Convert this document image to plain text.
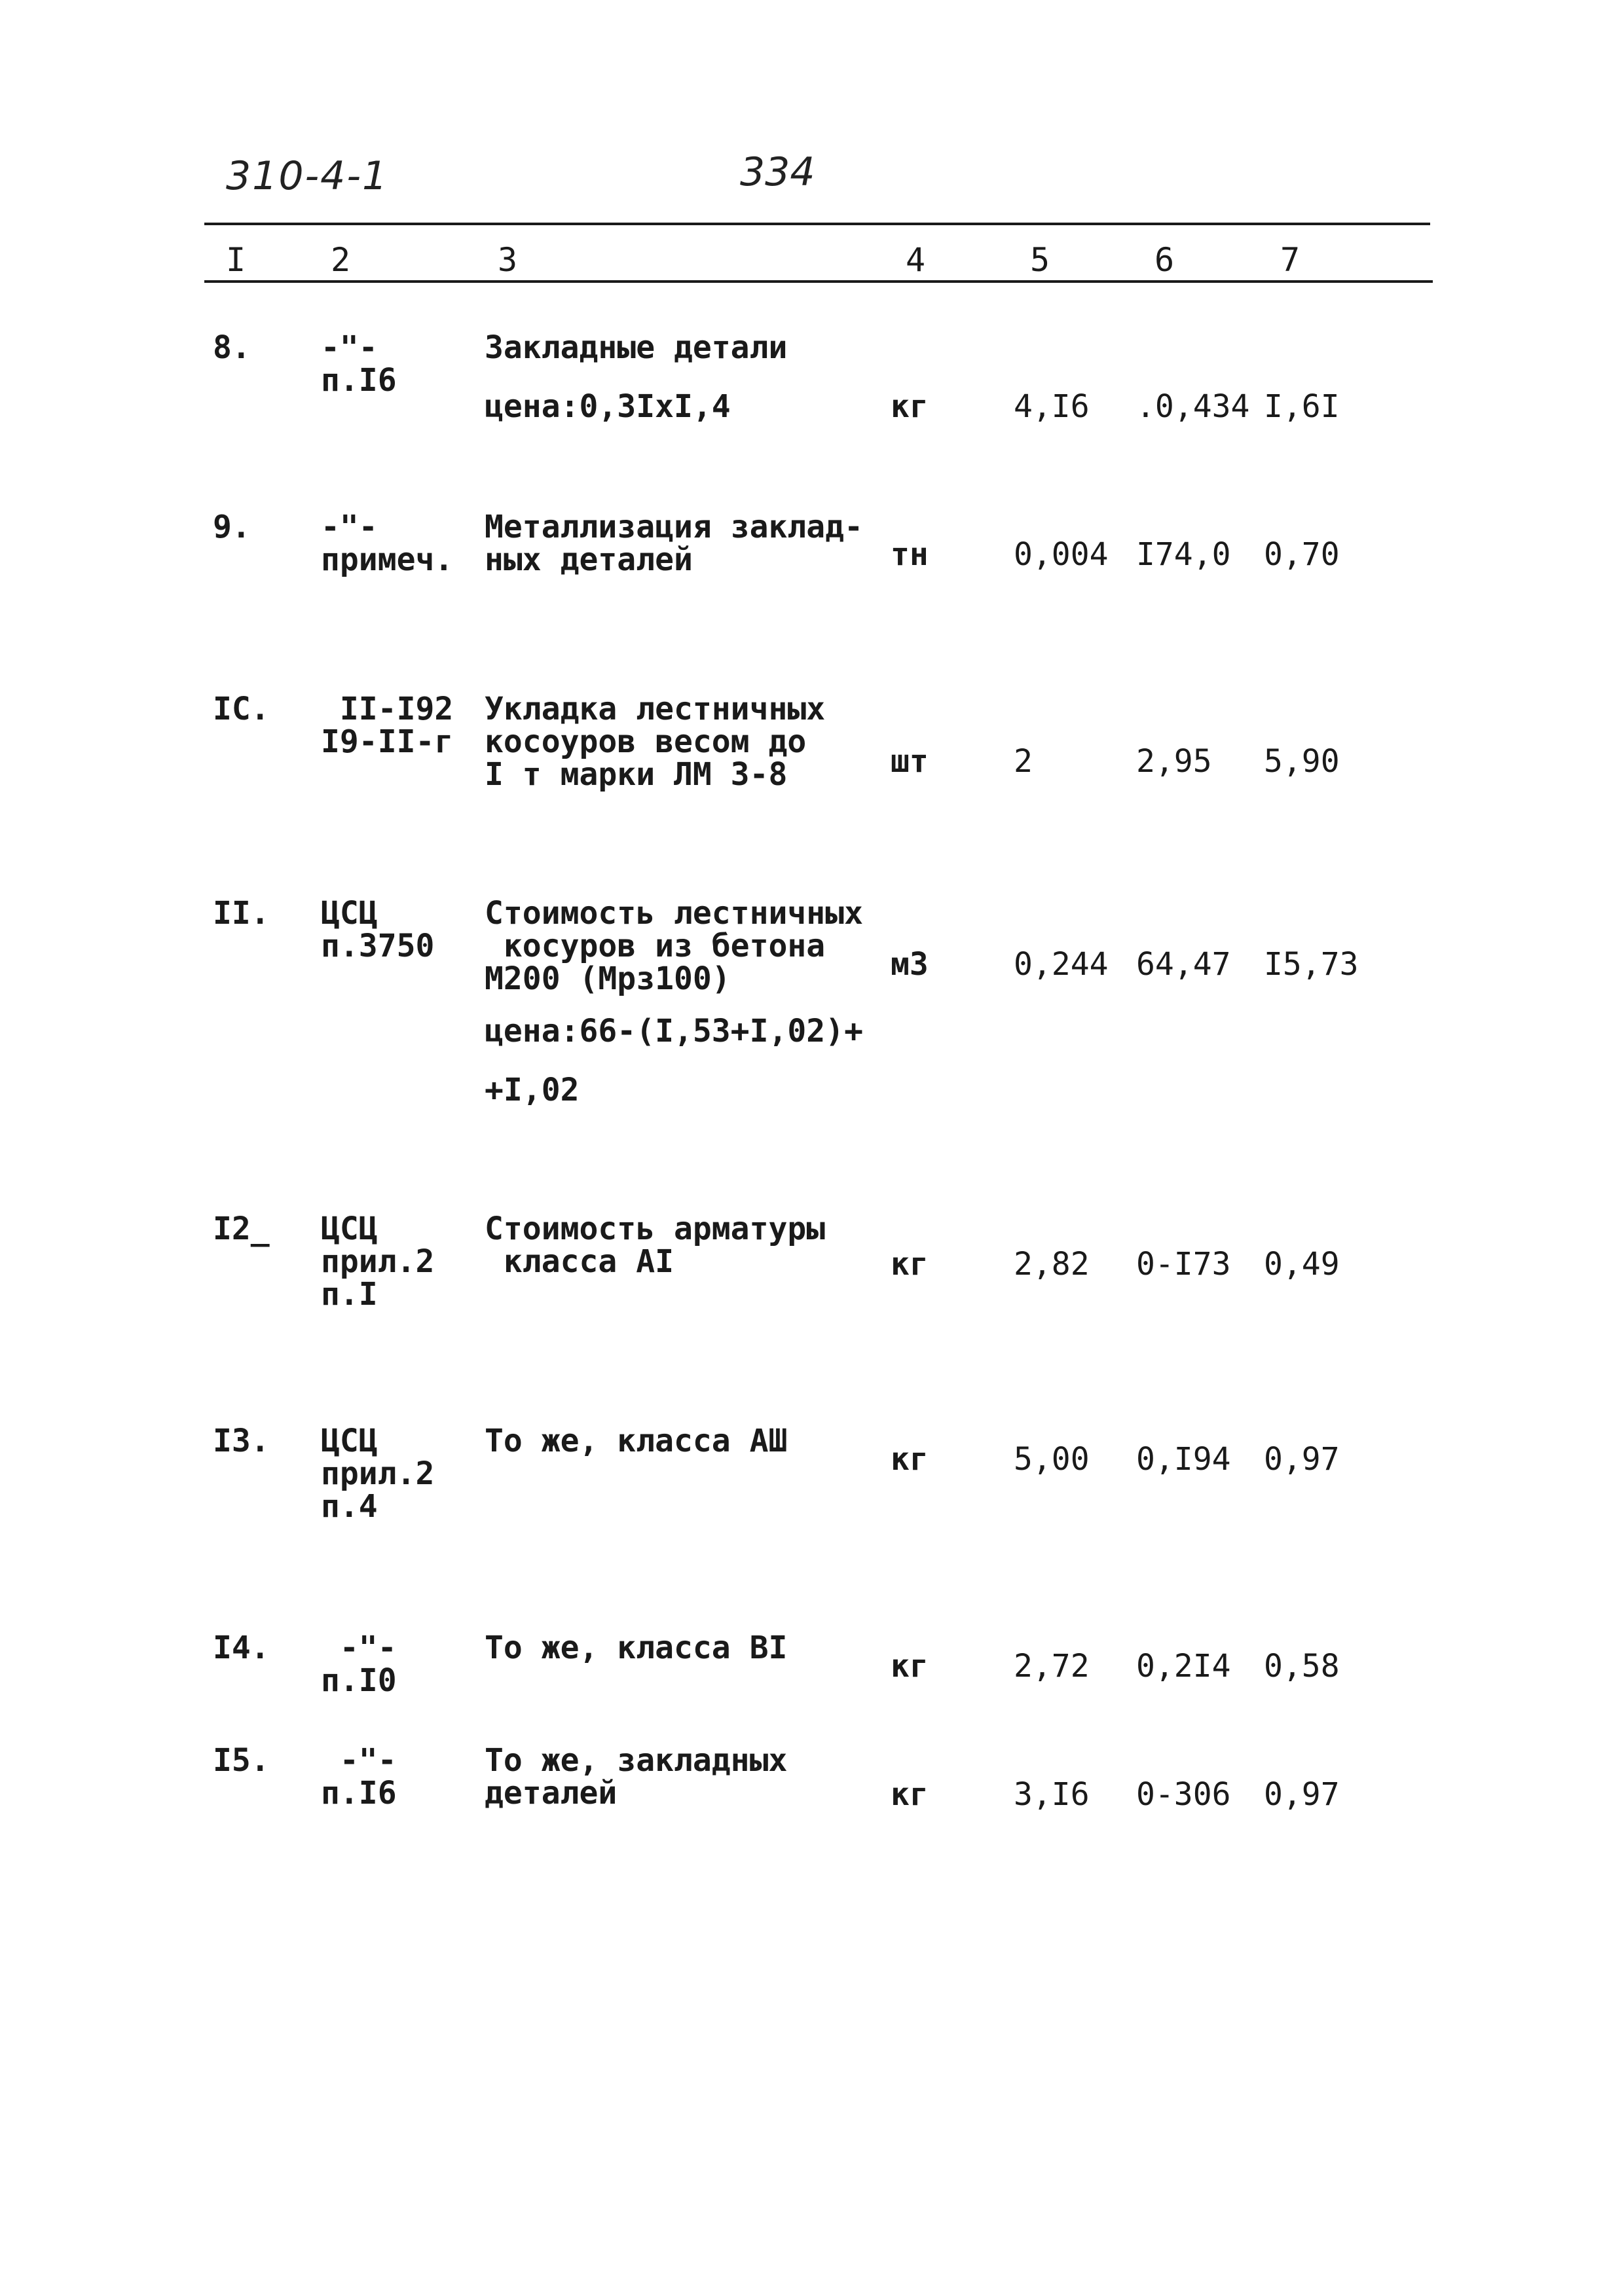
310-4-1	334
I	2	3	4	5	6	7
8. -"-
п.I6
Закладные детали
цена:0,3IxI,4	кг	4,I6 .0,434 I,6I
9. -"-
примеч.
Металлизация заклад-
ных деталей	тн	0,004 I74,0 0,70
IC. II-I92
I9-II-г
Укладка лестничных
косоуров весом до
I т марки ЛМ 3-8	шт	2	2,95 5,90
II. ЦСЦ
п.3750
Стоимость лестничных
косуров из бетона
М200 (Мрз100)
цена:66-(I,53+I,02)+
+I,02
м3	0,244 64,47 I5,73
I2_ ЦСЦ
прил.2
п.I
Стоимость арматуры
класса AI	кг	2,82 0-I73 0,49
I3. ЦСЦ
прил.2
п.4
То же, класса АШ	кг	5,00 0,I94 0,97
I4. -"-
п.I0
То же, класса BI	кг	2,72 0,2I4 0,58
I5. -"-
п.I6
То же, закладных
деталей	кг	3,I6 0-306 0,97
